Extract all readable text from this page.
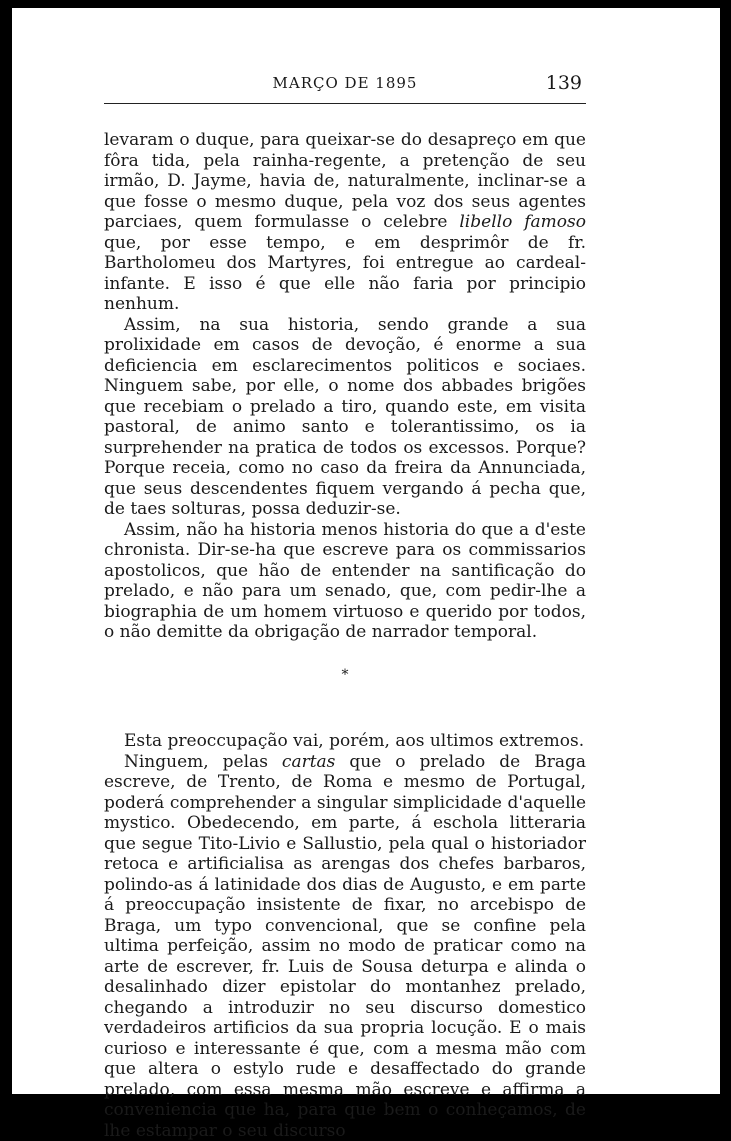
MARÇO DE 1895	139

levaram o duque, para queixar-se do desapreço em que fôra tida, pela rainha-regente, a pretenção de seu irmão, D. Jayme, havia de, naturalmente, inclinar-se a que fosse o mesmo duque, pela voz dos seus agentes parciaes, quem formulasse o celebre libello famoso que, por esse tempo, e em desprimôr de fr. Bartholomeu dos Martyres, foi entregue ao cardeal-infante. E isso é que elle não faria por principio nenhum.

Assim, na sua historia, sendo grande a sua prolixidade em casos de devoção, é enorme a sua deficiencia em esclarecimentos politicos e sociaes. Ninguem sabe, por elle, o nome dos abbades brigões que recebiam o prelado a tiro, quando este, em visita pastoral, de animo santo e tolerantissimo, os ia surprehender na pratica de todos os excessos. Porque? Porque receia, como no caso da freira da Annunciada, que seus descendentes fiquem vergando á pecha que, de taes solturas, possa deduzir-se.

Assim, não ha historia menos historia do que a d'este chronista. Dir-se-ha que escreve para os commissarios apostolicos, que hão de entender na santificação do prelado, e não para um senado, que, com pedir-lhe a biographia de um homem virtuoso e querido por todos, o não demitte da obrigação de narrador temporal.

*

Esta preoccupação vai, porém, aos ultimos extremos.

Ninguem, pelas cartas que o prelado de Braga escreve, de Trento, de Roma e mesmo de Portugal, poderá comprehender a singular simplicidade d'aquelle mystico. Obedecendo, em parte, á eschola litteraria que segue Tito-Livio e Sallustio, pela qual o historiador retoca e artificialisa as arengas dos chefes barbaros, polindo-as á latinidade dos dias de Augusto, e em parte á preoccupação insistente de fixar, no arcebispo de Braga, um typo convencional, que se confine pela ultima perfeição, assim no modo de praticar como na arte de escrever, fr. Luis de Sousa deturpa e alinda o desalinhado dizer epistolar do montanhez prelado, chegando a introduzir no seu discurso domestico verdadeiros artificios da sua propria locução. E o mais curioso e interessante é que, com a mesma mão com que altera o estylo rude e desaffectado do grande prelado, com essa mesma mão escreve e affirma a conveniencia que ha, para que bem o conheçamos, de lhe estampar o seu discurso
